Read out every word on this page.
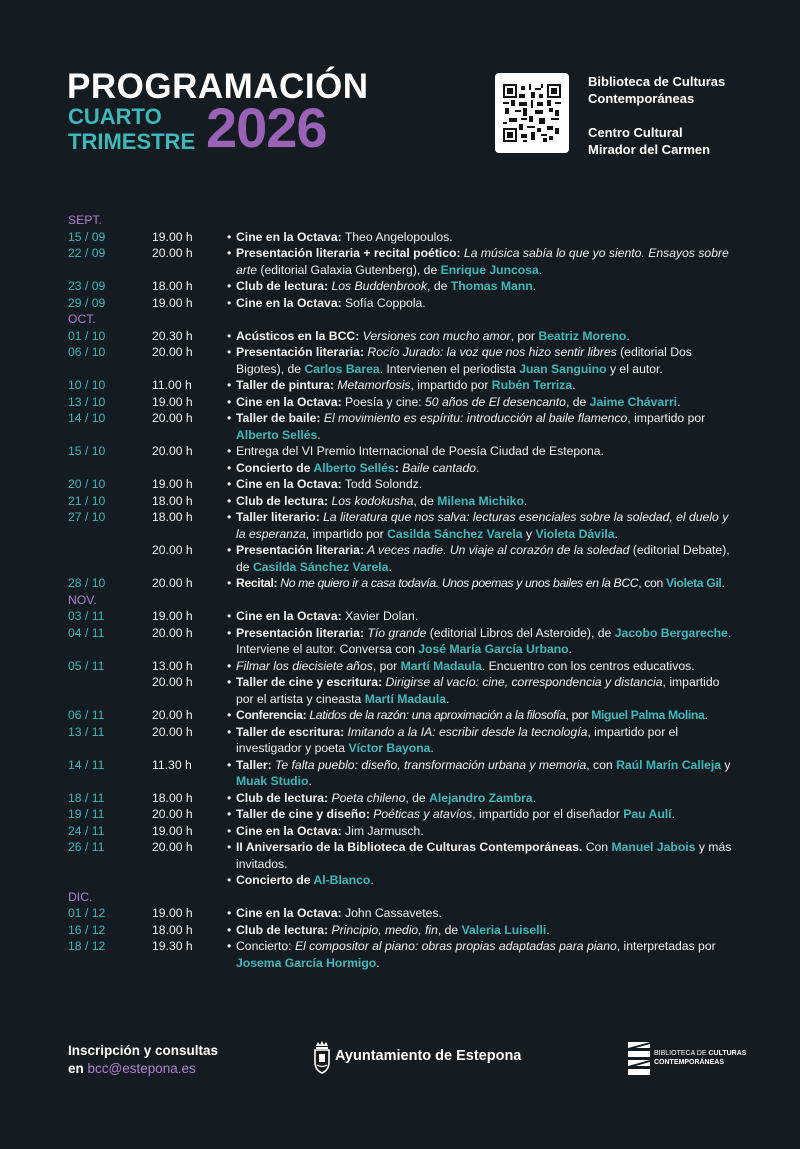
PROGRAMACIÓN
CUARTO
TRIMESTRE 2026
Biblioteca de Culturas
Contemporáneas
Centro Cultural
Mirador del Carmen
SEPT.
15 / 09	19.00 h	• Cine en la Octava: Theo Angelopoulos.
22 / 09	20.00 h	• Presentación literaria + recital poético: La música sabía lo que yo siento. Ensayos sobre arte (editorial Galaxia Gutenberg), de Enrique Juncosa.
23 / 09	18.00 h	• Club de lectura: Los Buddenbrook, de Thomas Mann.
29 / 09	19.00 h	• Cine en la Octava: Sofía Coppola.
OCT.
01 / 10	20.30 h	• Acústicos en la BCC: Versiones con mucho amor, por Beatriz Moreno.
06 / 10	20.00 h	• Presentación literaria: Rocío Jurado: la voz que nos hizo sentir libres (editorial Dos Bigotes), de Carlos Barea. Intervienen el periodista Juan Sanguino y el autor.
10 / 10	11.00 h	• Taller de pintura: Metamorfosis, impartido por Rubén Terriza.
13 / 10	19.00 h	• Cine en la Octava: Poesía y cine: 50 años de El desencanto, de Jaime Chávarri.
14 / 10	20.00 h	• Taller de baile: El movimiento es espíritu: introducción al baile flamenco, impartido por Alberto Sellés.
15 / 10	20.00 h	• Entrega del VI Premio Internacional de Poesía Ciudad de Estepona.
• Concierto de Alberto Sellés: Baile cantado.
20 / 10	19.00 h	• Cine en la Octava: Todd Solondz.
21 / 10	18.00 h	• Club de lectura: Los kodokusha, de Milena Michiko.
27 / 10	18.00 h	• Taller literario: La literatura que nos salva: lecturas esenciales sobre la soledad, el duelo y la esperanza, impartido por Casilda Sánchez Varela y Violeta Dávila.
20.00 h	• Presentación literaria: A veces nadie. Un viaje al corazón de la soledad (editorial Debate), de Casilda Sánchez Varela.
28 / 10	20.00 h	• Recital: No me quiero ir a casa todavía. Unos poemas y unos bailes en la BCC, con Violeta Gil.
NOV.
03 / 11	19.00 h	• Cine en la Octava: Xavier Dolan.
04 / 11	20.00 h	• Presentación literaria: Tío grande (editorial Libros del Asteroide), de Jacobo Bergareche. Interviene el autor. Conversa con José María García Urbano.
05 / 11	13.00 h	• Filmar los diecisiete años, por Martí Madaula. Encuentro con los centros educativos.
20.00 h	• Taller de cine y escritura: Dirigirse al vacío: cine, correspondencia y distancia, impartido por el artista y cineasta Martí Madaula.
06 / 11	20.00 h	• Conferencia: Latidos de la razón: una aproximación a la filosofía, por Miguel Palma Molina.
13 / 11	20.00 h	• Taller de escritura: Imitando a la IA: escribir desde la tecnología, impartido por el investigador y poeta Víctor Bayona.
14 / 11	11.30 h	• Taller: Te falta pueblo: diseño, transformación urbana y memoria, con Raúl Marín Calleja y Muak Studio.
18 / 11	18.00 h	• Club de lectura: Poeta chileno, de Alejandro Zambra.
19 / 11	20.00 h	• Taller de cine y diseño: Poéticas y atavíos, impartido por el diseñador Pau Aulí.
24 / 11	19.00 h	• Cine en la Octava: Jim Jarmusch.
26 / 11	20.00 h	• II Aniversario de la Biblioteca de Culturas Contemporáneas. Con Manuel Jabois y más invitados.
• Concierto de Al-Blanco.
DIC.
01 / 12	19.00 h	• Cine en la Octava: John Cassavetes.
16 / 12	18.00 h	• Club de lectura: Principio, medio, fin, de Valeria Luiselli.
18 / 12	19.30 h	• Concierto: El compositor al piano: obras propias adaptadas para piano, interpretadas por Josema García Hormigo.
Inscripción y consultas
en bcc@estepona.es
Ayuntamiento de Estepona	BIBLIOTECA DE CULTURAS
CONTEMPORÁNEAS
